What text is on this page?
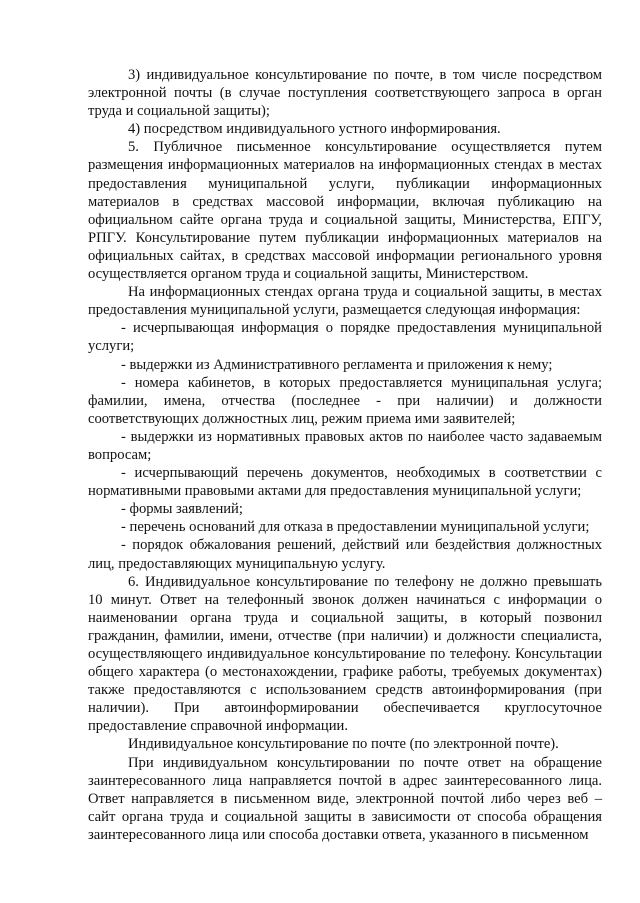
3) индивидуальное консультирование по почте, в том числе посредством электронной почты (в случае поступления соответствующего запроса в орган труда и социальной защиты);

4) посредством индивидуального устного информирования.

5. Публичное письменное консультирование осуществляется путем размещения информационных материалов на информационных стендах в местах предоставления муниципальной услуги, публикации информационных материалов в средствах массовой информации, включая публикацию на официальном сайте органа труда и социальной защиты, Министерства, ЕПГУ, РПГУ. Консультирование путем публикации информационных материалов на официальных сайтах, в средствах массовой информации регионального уровня осуществляется органом труда и социальной защиты, Министерством.

На информационных стендах органа труда и социальной защиты, в местах предоставления муниципальной услуги, размещается следующая информация:

- исчерпывающая информация о порядке предоставления муниципальной услуги;

- выдержки из Административного регламента и приложения к нему;

- номера кабинетов, в которых предоставляется муниципальная услуга; фамилии, имена, отчества (последнее - при наличии) и должности соответствующих должностных лиц, режим приема ими заявителей;

- выдержки из нормативных правовых актов по наиболее часто задаваемым вопросам;

- исчерпывающий перечень документов, необходимых в соответствии с нормативными правовыми актами для предоставления муниципальной услуги;

- формы заявлений;

- перечень оснований для отказа в предоставлении муниципальной услуги;

- порядок обжалования решений, действий или бездействия должностных лиц, предоставляющих муниципальную услугу.

6. Индивидуальное консультирование по телефону не должно превышать 10 минут. Ответ на телефонный звонок должен начинаться с информации о наименовании органа труда и социальной защиты, в который позвонил гражданин, фамилии, имени, отчестве (при наличии) и должности специалиста, осуществляющего индивидуальное консультирование по телефону. Консультации общего характера (о местонахождении, графике работы, требуемых документах) также предоставляются с использованием средств автоинформирования (при наличии). При автоинформировании обеспечивается круглосуточное предоставление справочной информации.

Индивидуальное консультирование по почте (по электронной почте).

При индивидуальном консультировании по почте ответ на обращение заинтересованного лица направляется почтой в адрес заинтересованного лица. Ответ направляется в письменном виде, электронной почтой либо через веб – сайт органа труда и социальной защиты в зависимости от способа обращения заинтересованного лица или способа доставки ответа, указанного в письменном
